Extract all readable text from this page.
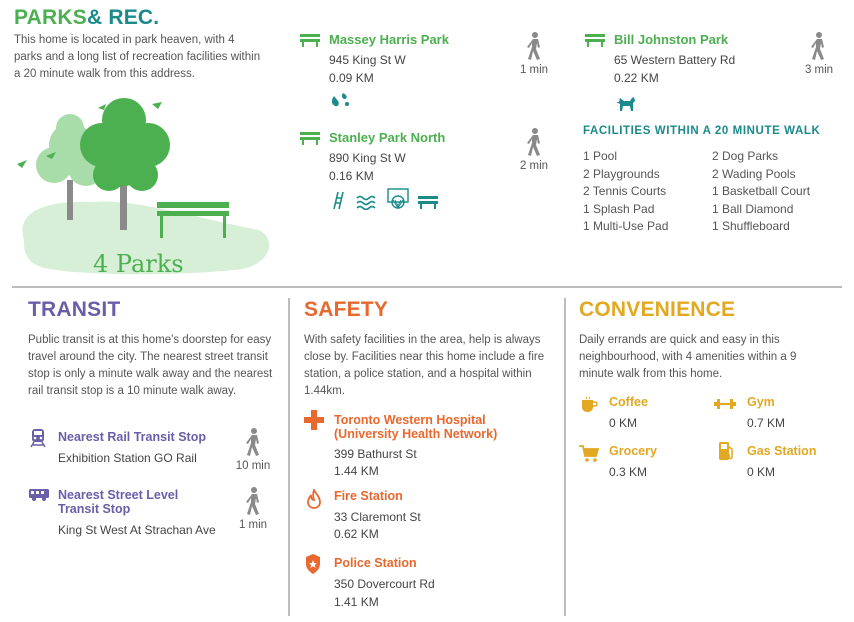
PARKS& REC.
This home is located in park heaven, with 4 parks and a long list of recreation facilities within a 20 minute walk from this address.
4 Parks
Massey Harris Park
945 King St W
0.09 KM
1 min
Stanley Park North
890 King St W
0.16 KM
2 min
Bill Johnston Park
65 Western Battery Rd
0.22 KM
3 min
FACILITIES WITHIN A 20 MINUTE WALK
1 Pool
2 Playgrounds
2 Tennis Courts
1 Splash Pad
1 Multi-Use Pad
2 Dog Parks
2 Wading Pools
1 Basketball Court
1 Ball Diamond
1 Shuffleboard
TRANSIT
Public transit is at this home's doorstep for easy travel around the city. The nearest street transit stop is only a minute walk away and the nearest rail transit stop is a 10 minute walk away.
Nearest Rail Transit Stop
Exhibition Station GO Rail
10 min
Nearest Street Level
Transit Stop
King St West At Strachan Ave	1 min
SAFETY
With safety facilities in the area, help is always close by. Facilities near this home include a fire station, a police station, and a hospital within 1.44km.
Toronto Western Hospital
(University Health Network)
399 Bathurst St
1.44 KM
Fire Station
33 Claremont St
0.62 KM
Police Station
350 Dovercourt Rd
1.41 KM
CONVENIENCE
Daily errands are quick and easy in this neighbourhood, with 4 amenities within a 9 minute walk from this home.
Coffee
0 KM
Gym
0.7 KM
Grocery
0.3 KM
Gas Station
0 KM
